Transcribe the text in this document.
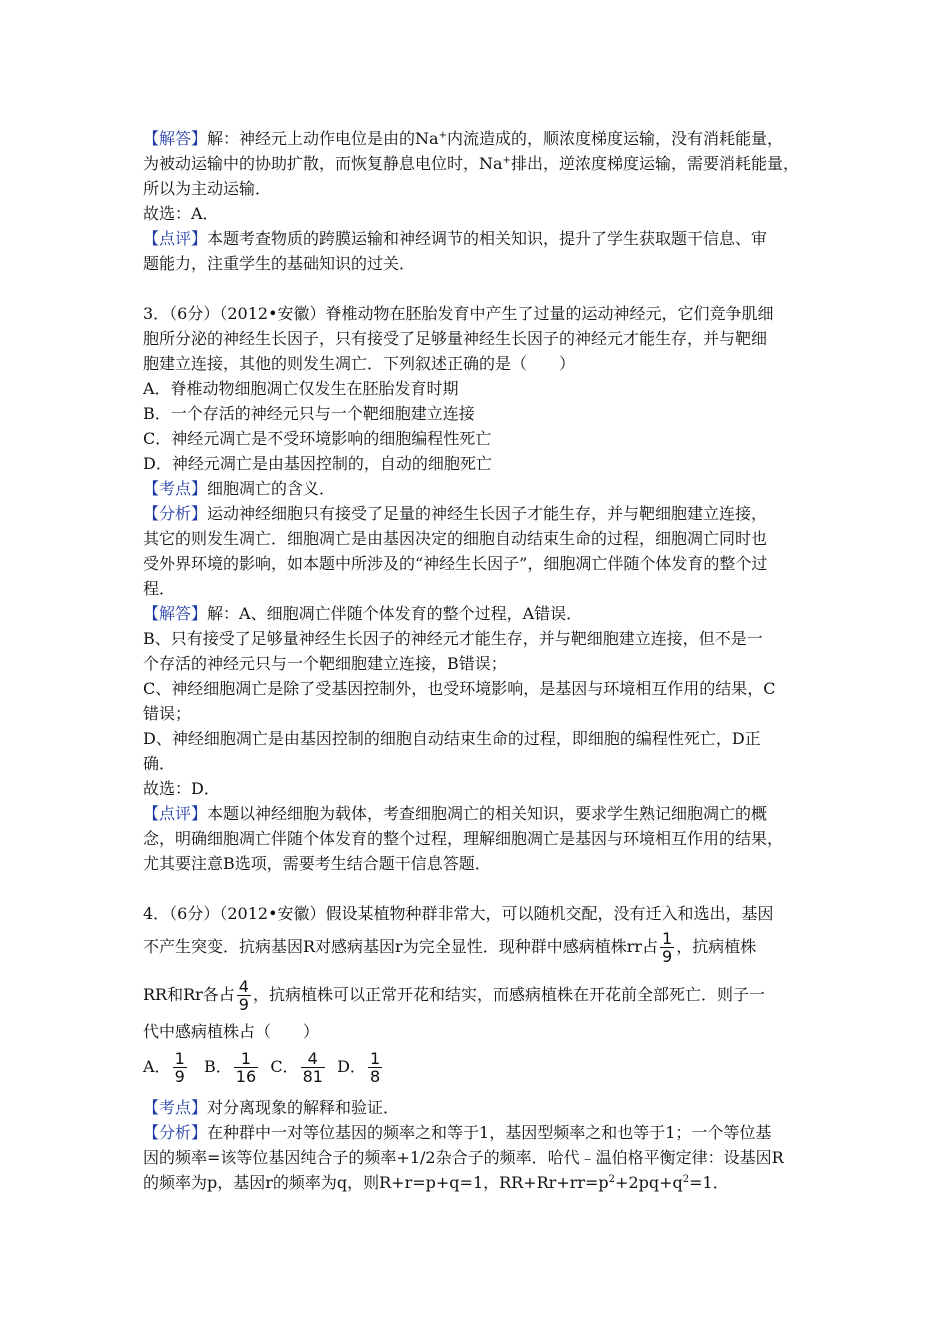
【解答】解：神经元上动作电位是由的Na+内流造成的，顺浓度梯度运输，没有消耗能量，
为被动运输中的协助扩散，而恢复静息电位时，Na+排出，逆浓度梯度运输，需要消耗能量，
所以为主动运输．
故选：A．
【点评】本题考查物质的跨膜运输和神经调节的相关知识，提升了学生获取题干信息、审
题能力，注重学生的基础知识的过关．
3．（6分）（2012•安徽）脊椎动物在胚胎发育中产生了过量的运动神经元，它们竞争肌细
胞所分泌的神经生长因子，只有接受了足够量神经生长因子的神经元才能生存，并与靶细
胞建立连接，其他的则发生凋亡．下列叙述正确的是（　　）
A．脊椎动物细胞凋亡仅发生在胚胎发育时期
B．一个存活的神经元只与一个靶细胞建立连接
C．神经元凋亡是不受环境影响的细胞编程性死亡
D．神经元凋亡是由基因控制的，自动的细胞死亡
【考点】细胞凋亡的含义．
【分析】运动神经细胞只有接受了足量的神经生长因子才能生存，并与靶细胞建立连接，
其它的则发生凋亡．细胞凋亡是由基因决定的细胞自动结束生命的过程，细胞凋亡同时也
受外界环境的影响，如本题中所涉及的“神经生长因子”，细胞凋亡伴随个体发育的整个过
程．
【解答】解：A、细胞凋亡伴随个体发育的整个过程，A错误．
B、只有接受了足够量神经生长因子的神经元才能生存，并与靶细胞建立连接，但不是一
个存活的神经元只与一个靶细胞建立连接，B错误；
C、神经细胞凋亡是除了受基因控制外，也受环境影响，是基因与环境相互作用的结果，C
错误；
D、神经细胞凋亡是由基因控制的细胞自动结束生命的过程，即细胞的编程性死亡，D正
确．
故选：D．
【点评】本题以神经细胞为载体，考查细胞凋亡的相关知识，要求学生熟记细胞凋亡的概
念，明确细胞凋亡伴随个体发育的整个过程，理解细胞凋亡是基因与环境相互作用的结果，
尤其要注意B选项，需要考生结合题干信息答题．
4．（6分）（2012•安徽）假设某植物种群非常大，可以随机交配，没有迁入和选出，基因
不产生突变．抗病基因R对感病基因r为完全显性．现种群中感病植株rr占 $\frac{1}{9}$ ，抗病植株
RR和Rr各占 $\frac{4}{9}$ ，抗病植株可以正常开花和结实，而感病植株在开花前全部死亡．则子一
代中感病植株占（　　）
A． $\frac{1}{9}$ B． $\frac{1}{16}$ C． $\frac{4}{81}$ D． $\frac{1}{8}$
【考点】对分离现象的解释和验证．
【分析】在种群中一对等位基因的频率之和等于1，基因型频率之和也等于1；一个等位基
因的频率=该等位基因纯合子的频率+1/2杂合子的频率．哈代﹣温伯格平衡定律：设基因R
的频率为p，基因r的频率为q，则R+r=p+q=1，$RR+Rr+rr=p^2+2pq+q^2=1$．
